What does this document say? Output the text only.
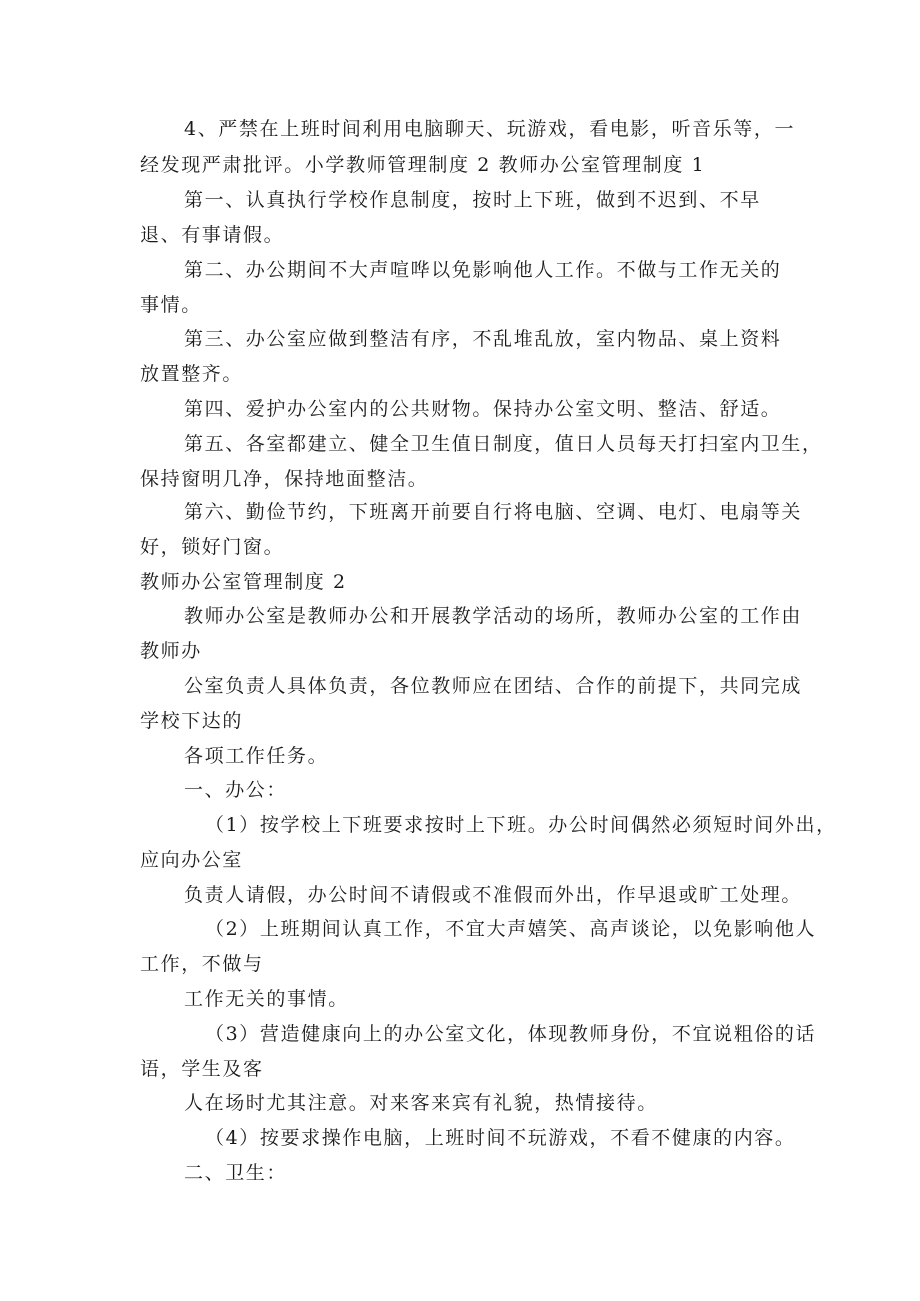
4、严禁在上班时间利用电脑聊天、玩游戏，看电影，听音乐等，一

经发现严肃批评。小学教师管理制度 2 教师办公室管理制度 1

第一、认真执行学校作息制度，按时上下班，做到不迟到、不早

退、有事请假。

第二、办公期间不大声喧哗以免影响他人工作。不做与工作无关的

事情。

第三、办公室应做到整洁有序，不乱堆乱放，室内物品、桌上资料

放置整齐。

第四、爱护办公室内的公共财物。保持办公室文明、整洁、舒适。

第五、各室都建立、健全卫生值日制度，值日人员每天打扫室内卫生，

保持窗明几净，保持地面整洁。

第六、勤俭节约，下班离开前要自行将电脑、空调、电灯、电扇等关

好，锁好门窗。

教师办公室管理制度 2

教师办公室是教师办公和开展教学活动的场所，教师办公室的工作由

教师办

公室负责人具体负责，各位教师应在团结、合作的前提下，共同完成

学校下达的

各项工作任务。

一、办公：

（1）按学校上下班要求按时上下班。办公时间偶然必须短时间外出，

应向办公室

负责人请假，办公时间不请假或不准假而外出，作早退或旷工处理。

（2）上班期间认真工作，不宜大声嬉笑、高声谈论，以免影响他人

工作，不做与

工作无关的事情。

（3）营造健康向上的办公室文化，体现教师身份，不宜说粗俗的话

语，学生及客

人在场时尤其注意。对来客来宾有礼貌，热情接待。

（4）按要求操作电脑，上班时间不玩游戏，不看不健康的内容。

二、卫生：
